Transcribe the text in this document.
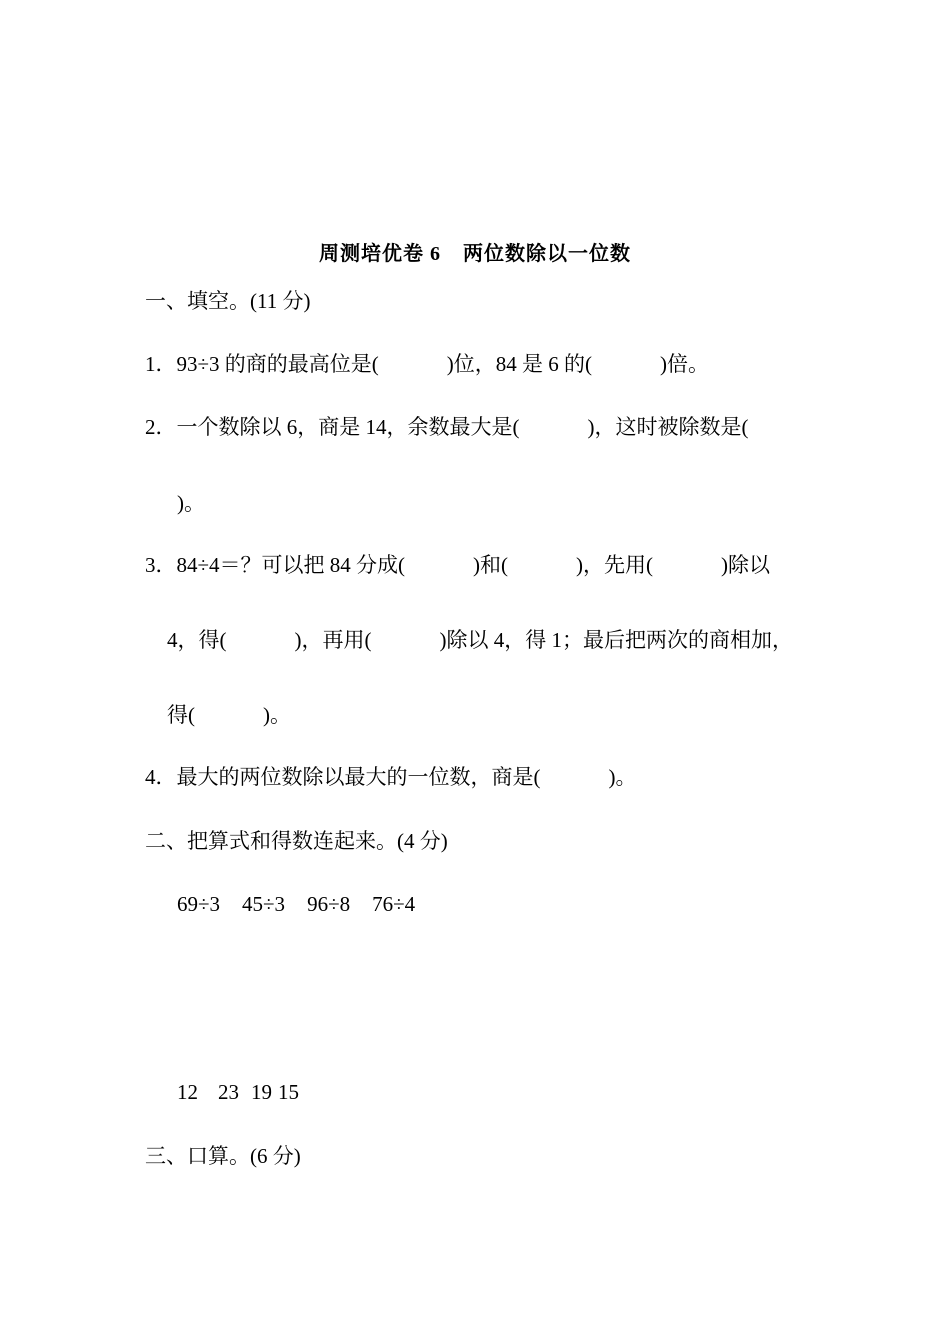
周测培优卷 6 两位数除以一位数
一、填空。(11 分)
1．93÷3 的商的最高位是(	)位，84 是 6 的(	)倍。
2．一个数除以 6，商是 14，余数最大是(	)，这时被除数是(
)。
3．84÷4＝？可以把 84 分成(	)和(	)，先用(	)除以
4，得(	)，再用(	)除以 4，得 1；最后把两次的商相加，
得(	)。
4．最大的两位数除以最大的一位数，商是(	)。
二、把算式和得数连起来。(4 分)
69÷3 45÷3 96÷8 76÷4
12 23 19 15
三、口算。(6 分)
